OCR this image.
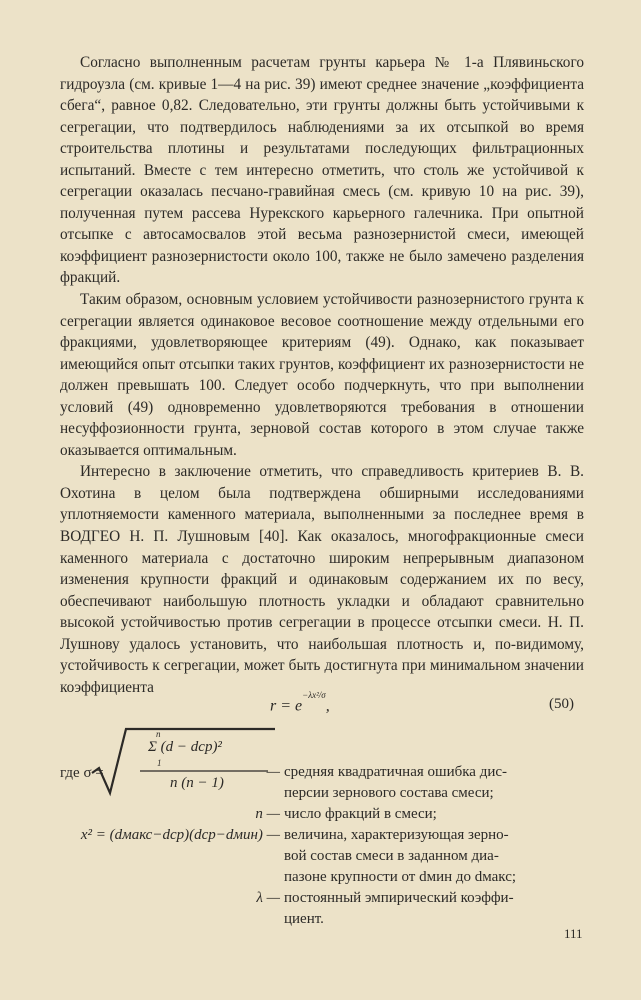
Согласно выполненным расчетам грунты карьера № 1-а Плявиньского гидроузла (см. кривые 1—4 на рис. 39) имеют среднее значение „коэффициента сбега“, равное 0,82. Следовательно, эти грунты должны быть устойчивыми к сегрегации, что подтвердилось наблюдениями за их отсыпкой во время строительства плотины и результатами последующих фильтрационных испытаний. Вместе с тем интересно отметить, что столь же устойчивой к сегрегации оказалась песчано-гравийная смесь (см. кривую 10 на рис. 39), полученная путем рассева Нурекского карьерного галечника. При опытной отсыпке с автосамосвалов этой весьма разнозернистой смеси, имеющей коэффициент разнозернистости около 100, также не было замечено разделения фракций.

Таким образом, основным условием устойчивости разнозернистого грунта к сегрегации является одинаковое весовое соотношение между отдельными его фракциями, удовлетворяющее критериям (49). Однако, как показывает имеющийся опыт отсыпки таких грунтов, коэффициент их разнозернистости не должен превышать 100. Следует особо подчеркнуть, что при выполнении условий (49) одновременно удовлетворяются требования в отношении несуффозионности грунта, зерновой состав которого в этом случае также оказывается оптимальным.

Интересно в заключение отметить, что справедливость критериев В. В. Охотина в целом была подтверждена обширными исследованиями уплотняемости каменного материала, выполненными за последнее время в ВОДГЕО Н. П. Лушновым [40]. Как оказалось, многофракционные смеси каменного материала с достаточно широким непрерывным диапазоном изменения крупности фракций и одинаковым содержанием их по весу, обеспечивают наибольшую плотность укладки и обладают сравнительно высокой устойчивостью против сегрегации в процессе отсыпки смеси. Н. П. Лушнову удалось установить, что наибольшая плотность и, по-видимому, устойчивость к сегрегации, может быть достигнута при минимальном значении коэффициента

$r = e^{-\lambda x^2/\sigma}$,	(50)
где σ =
n
1
Σ (d − dср)²
n (n − 1)
— средняя квадратичная ошибка дис-
персии зернового состава смеси;
n — число фракций в смеси;
x² = (dмакс−dср)(dср−dмин) — величина, характеризующая зерно-
вой состав смеси в заданном диа-
пазоне крупности от dмин до dмакс;
λ — постоянный эмпирический коэффи-
циент.
111
